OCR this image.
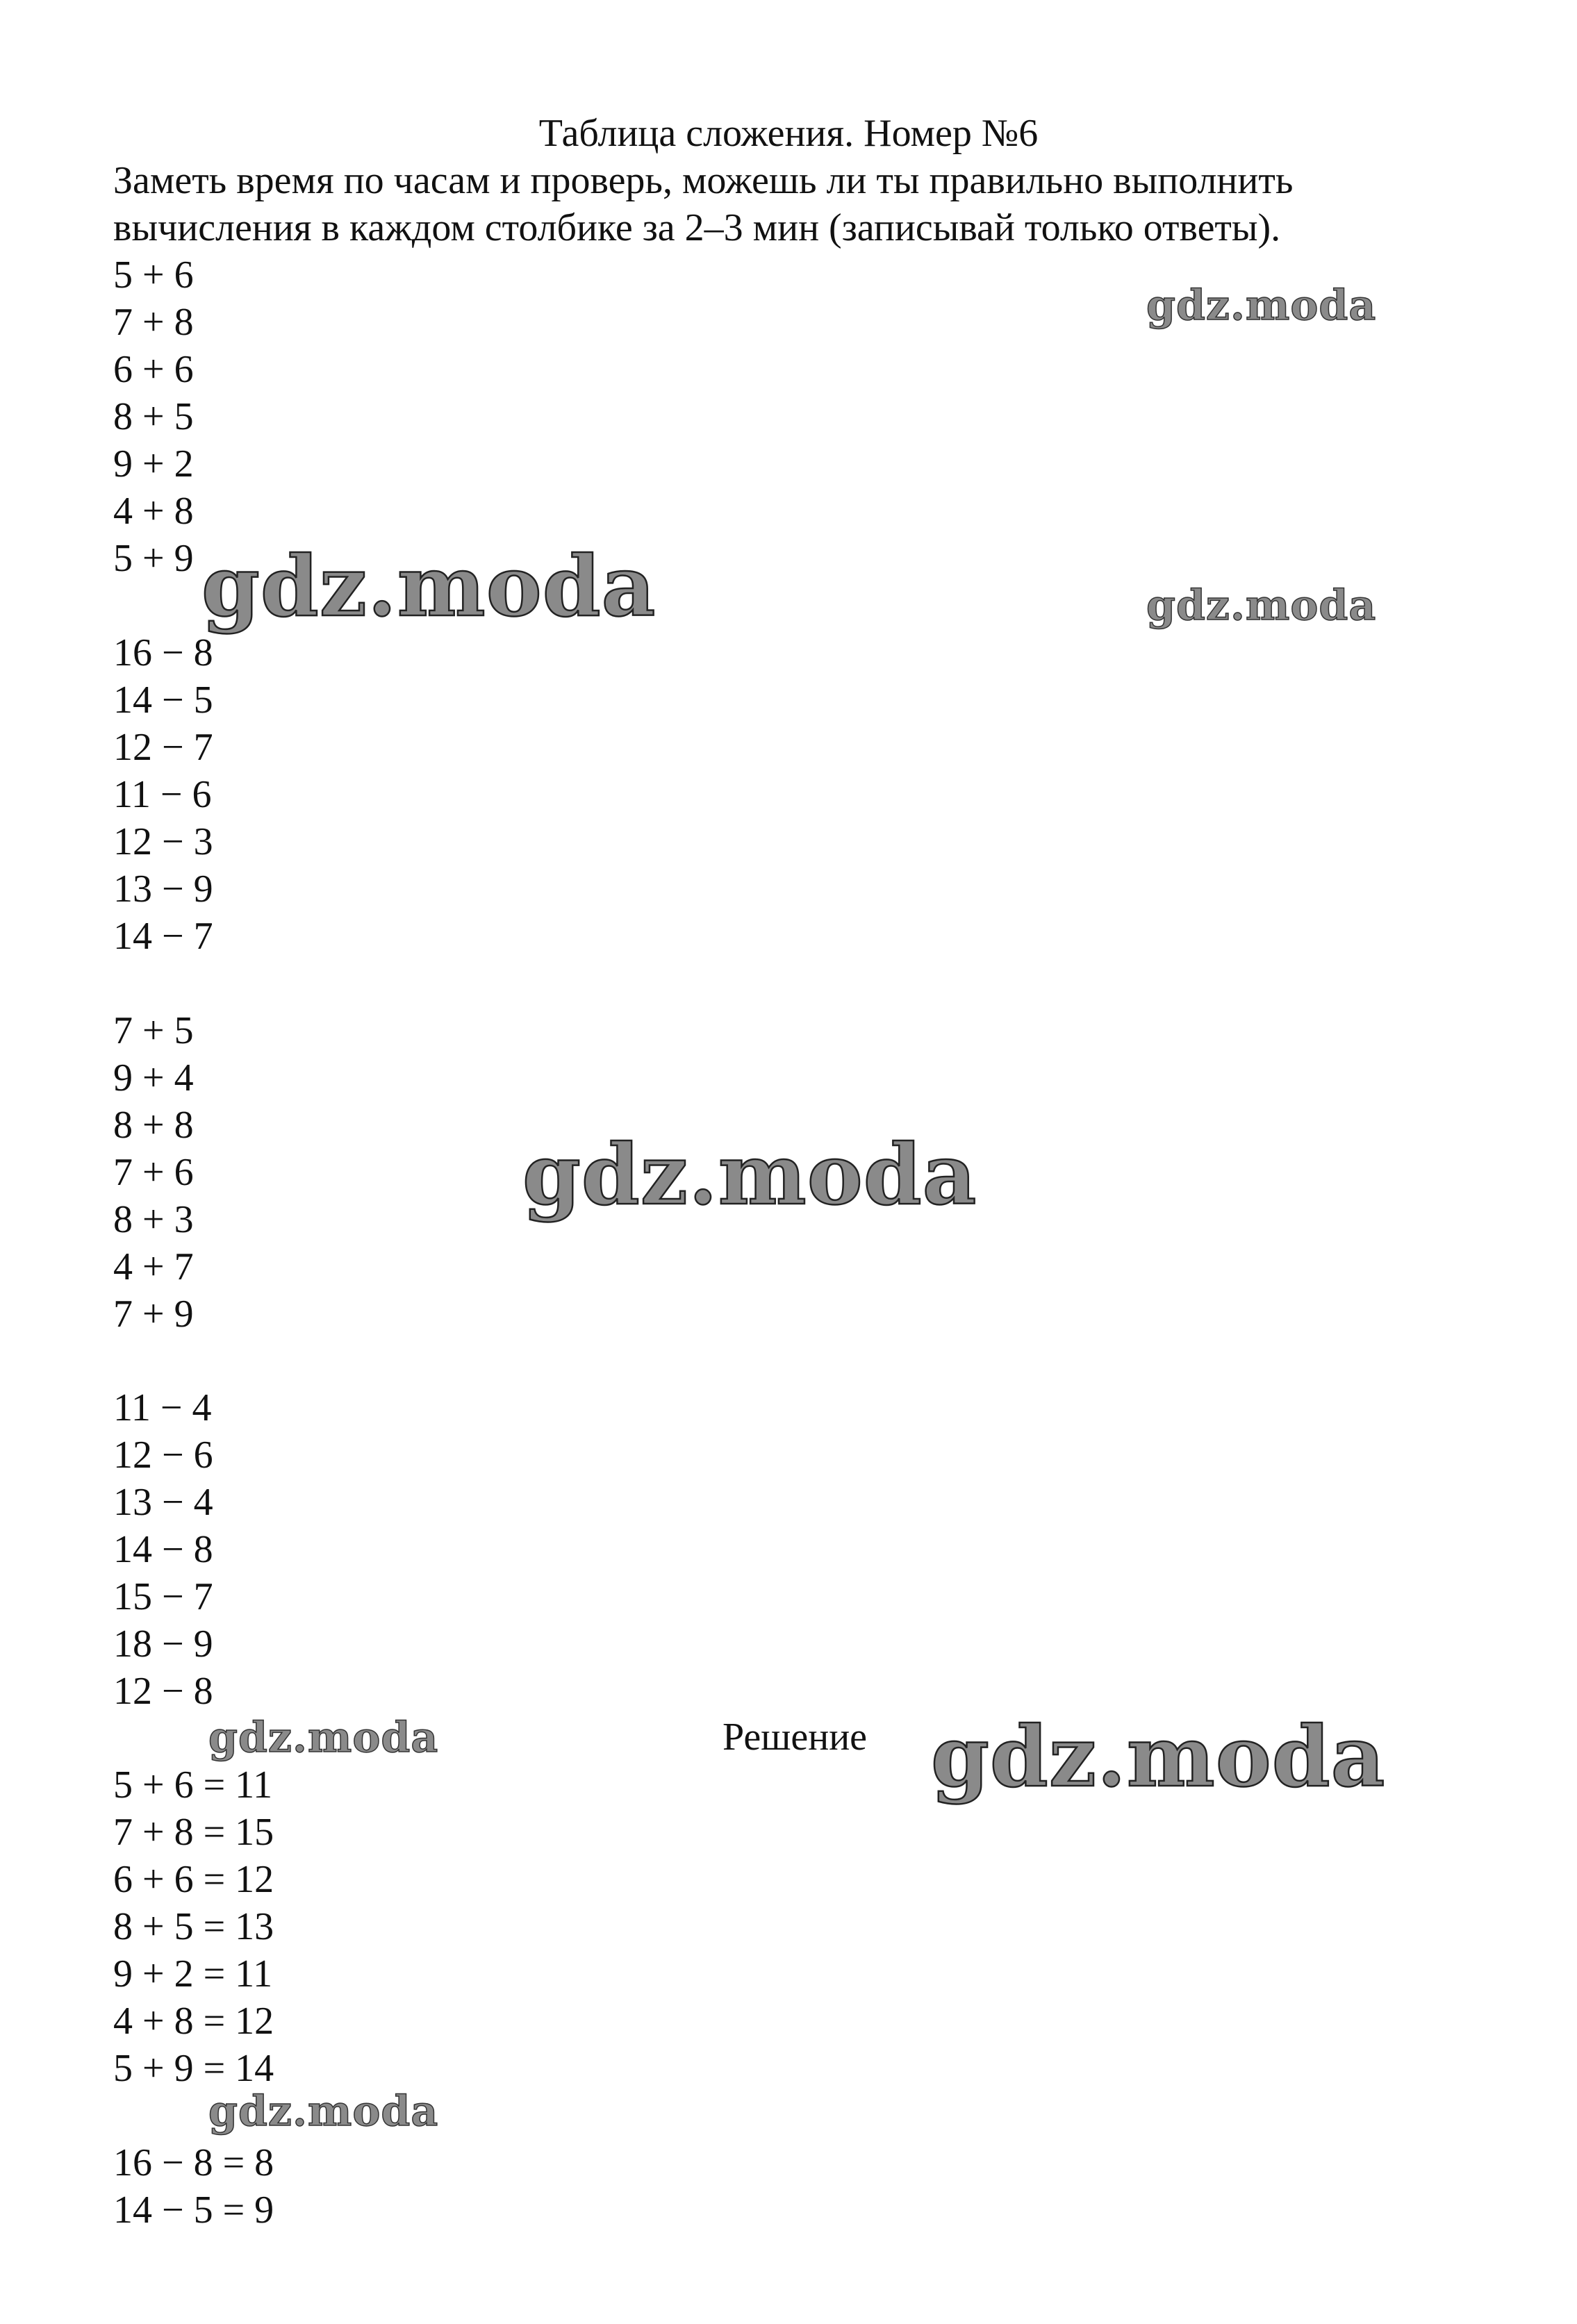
Таблица сложения. Номер №6

Заметь время по часам и проверь, можешь ли ты правильно выполнить
вычисления в каждом столбике за 2–3 мин (записывай только ответы).

5 + 6
7 + 8
6 + 6
8 + 5
9 + 2
4 + 8
5 + 9
16 − 8
14 − 5
12 − 7
11 − 6
12 − 3
13 − 9
14 − 7
7 + 5
9 + 4
8 + 8
7 + 6
8 + 3
4 + 7
7 + 9
11 − 4
12 − 6
13 − 4
14 − 8
15 − 7
18 − 9
12 − 8
Решение
5 + 6 = 11
7 + 8 = 15
6 + 6 = 12
8 + 5 = 13
9 + 2 = 11
4 + 8 = 12
5 + 9 = 14
16 − 8 = 8
14 − 5 = 9
gdz.moda
gdz.moda	gdz.moda
gdz.moda
gdz.moda	gdz.moda
gdz.moda
